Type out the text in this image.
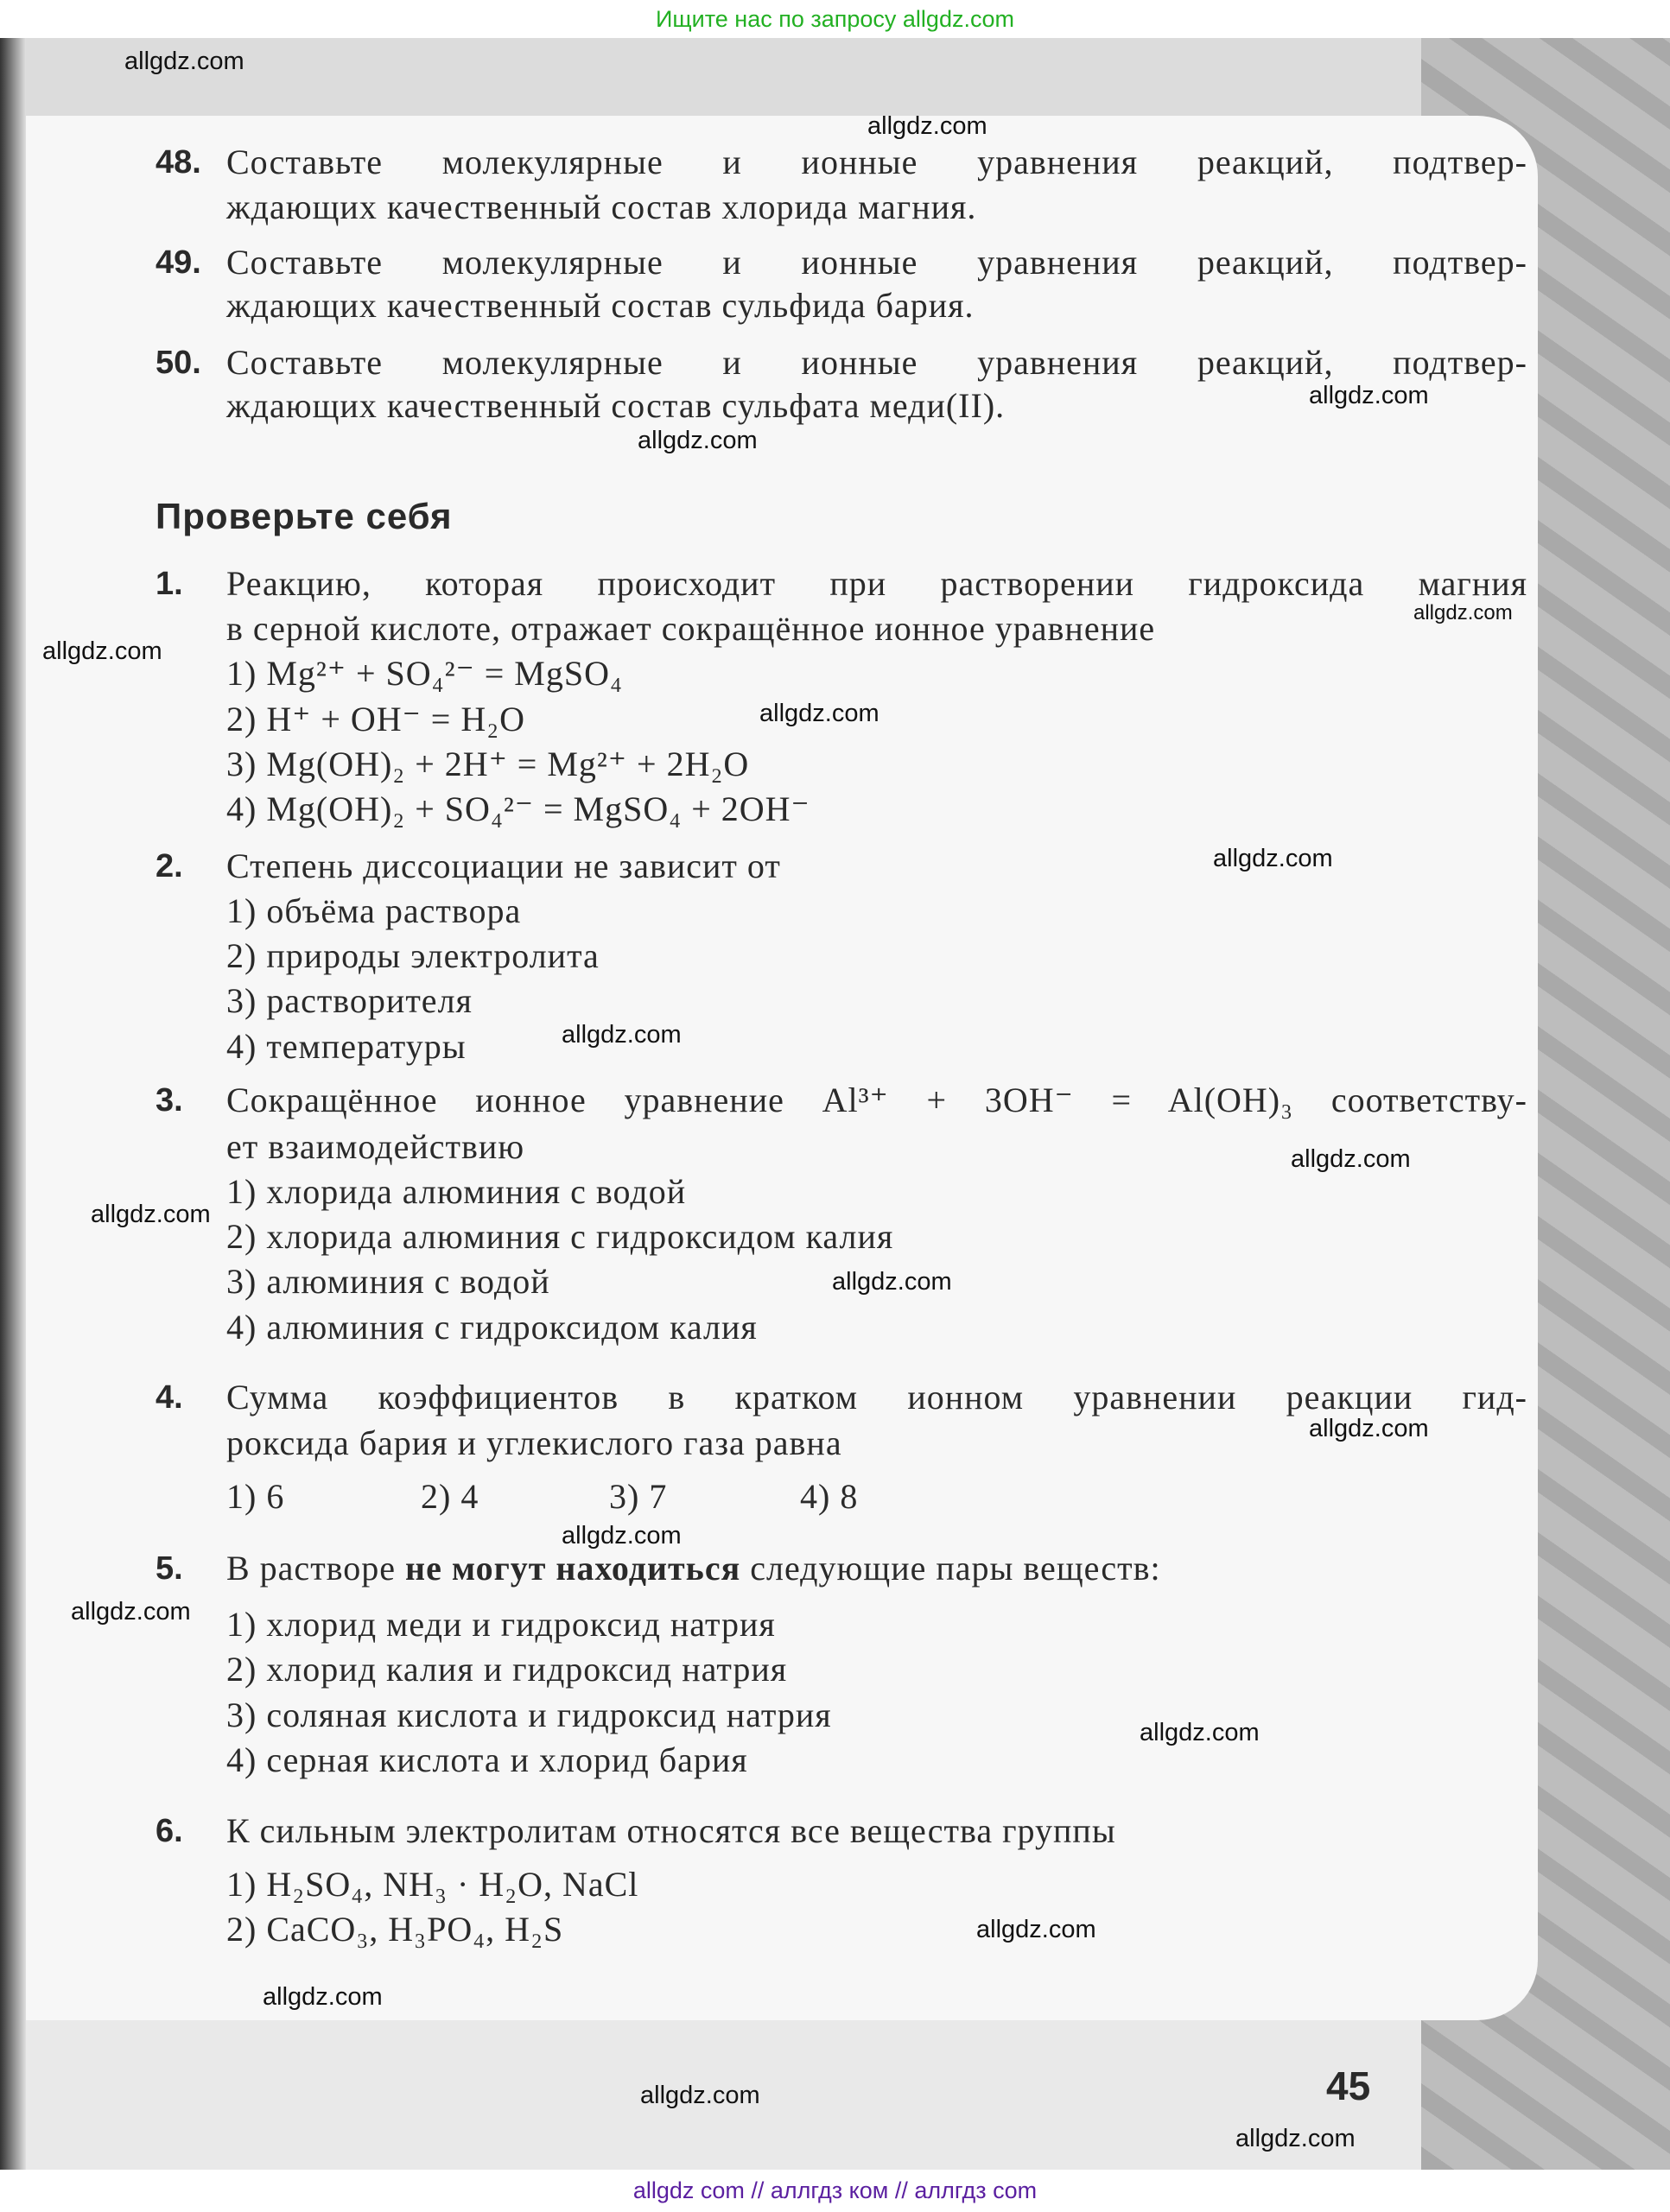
Ищите нас по запросу allgdz.com
48. Составьте молекулярные и ионные уравнения реакций, подтвер-
ждающих качественный состав хлорида магния.
49. Составьте молекулярные и ионные уравнения реакций, подтвер-
ждающих качественный состав сульфида бария.
50. Составьте молекулярные и ионные уравнения реакций, подтвер-
ждающих качественный состав сульфата меди(II).
Проверьте себя
1. Реакцию, которая происходит при растворении гидроксида магния
в серной кислоте, отражает сокращённое ионное уравнение
1) Mg²⁺ + SO₄²⁻ = MgSO₄
2) H⁺ + OH⁻ = H₂O
3) Mg(OH)₂ + 2H⁺ = Mg²⁺ + 2H₂O
4) Mg(OH)₂ + SO₄²⁻ = MgSO₄ + 2OH⁻
2. Степень диссоциации не зависит от
1) объёма раствора
2) природы электролита
3) растворителя
4) температуры
3. Сокращённое ионное уравнение Al³⁺ + 3OH⁻ = Al(OH)₃ соответству-
ет взаимодействию
1) хлорида алюминия с водой
2) хлорида алюминия с гидроксидом калия
3) алюминия с водой
4) алюминия с гидроксидом калия
4. Сумма коэффициентов в кратком ионном уравнении реакции гид-
роксида бария и углекислого газа равна
1) 6	2) 4	3) 7	4) 8
5. В растворе не могут находиться следующие пары веществ:
1) хлорид меди и гидроксид натрия
2) хлорид калия и гидроксид натрия
3) соляная кислота и гидроксид натрия
4) серная кислота и хлорид бария
6. К сильным электролитам относятся все вещества группы
1) H₂SO₄, NH₃ · H₂O, NaCl
2) CaCO₃, H₃PO₄, H₂S
45
allgdz.com
allgdz.com
allgdz.com
allgdz.com
allgdz.com
allgdz.com
allgdz.com
allgdz.com
allgdz.com
allgdz.com
allgdz.com
allgdz.com
allgdz.com
allgdz.com
allgdz.com
allgdz.com
allgdz.com
allgdz.com
allgdz.com
allgdz.com
allgdz com // аллгдз ком // аллгдз com
